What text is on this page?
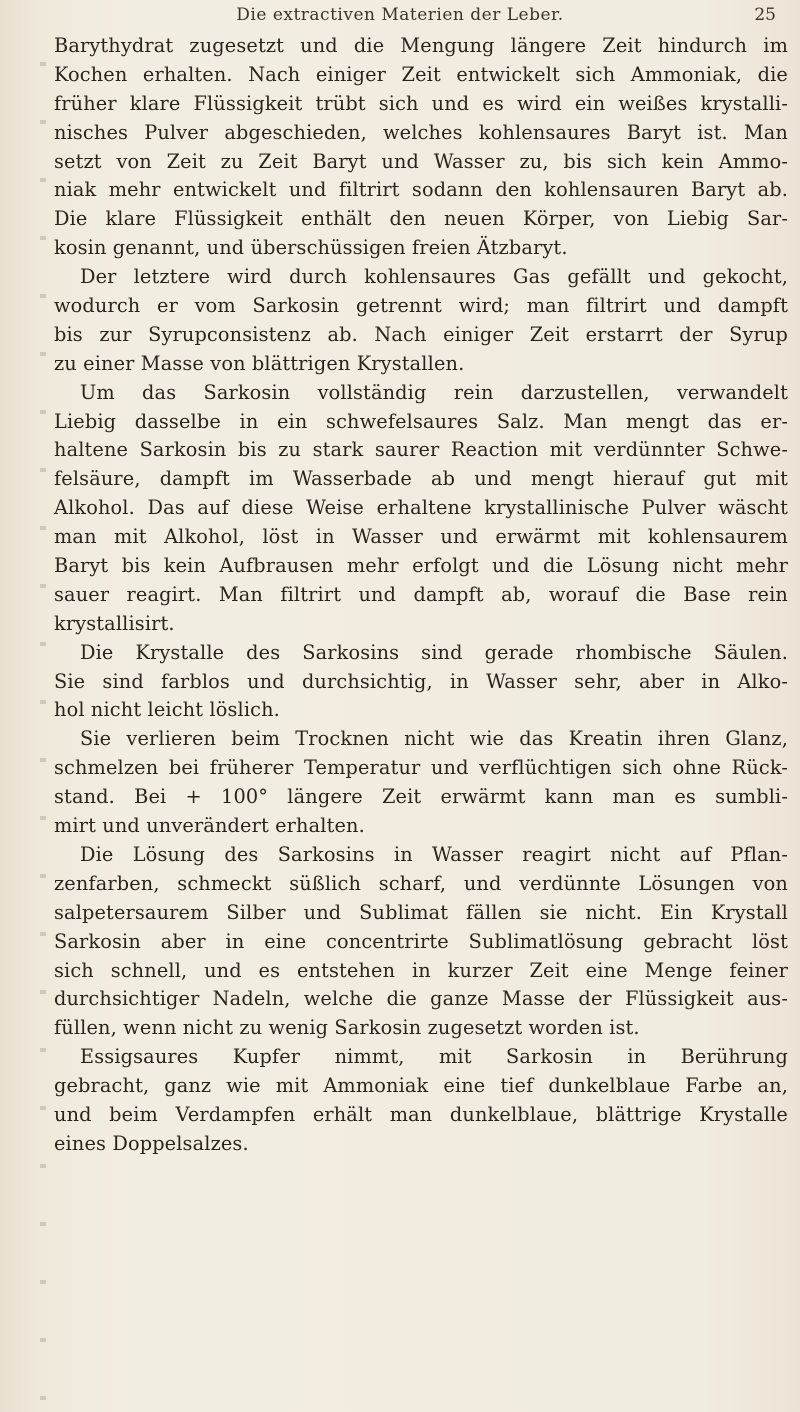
Die extractiven Materien der Leber.	25
Barythydrat zugesetzt und die Mengung längere Zeit hindurch im
Kochen erhalten. Nach einiger Zeit entwickelt sich Ammoniak, die
früher klare Flüssigkeit trübt sich und es wird ein weißes krystalli-
nisches Pulver abgeschieden, welches kohlensaures Baryt ist. Man
setzt von Zeit zu Zeit Baryt und Wasser zu, bis sich kein Ammo-
niak mehr entwickelt und filtrirt sodann den kohlensauren Baryt ab.
Die klare Flüssigkeit enthält den neuen Körper, von Liebig Sar-
kosin genannt, und überschüssigen freien Ätzbaryt.
Der letztere wird durch kohlensaures Gas gefällt und gekocht,
wodurch er vom Sarkosin getrennt wird; man filtrirt und dampft
bis zur Syrupconsistenz ab. Nach einiger Zeit erstarrt der Syrup
zu einer Masse von blättrigen Krystallen.
Um das Sarkosin vollständig rein darzustellen, verwandelt
Liebig dasselbe in ein schwefelsaures Salz. Man mengt das er-
haltene Sarkosin bis zu stark saurer Reaction mit verdünnter Schwe-
felsäure, dampft im Wasserbade ab und mengt hierauf gut mit
Alkohol. Das auf diese Weise erhaltene krystallinische Pulver wäscht
man mit Alkohol, löst in Wasser und erwärmt mit kohlensaurem
Baryt bis kein Aufbrausen mehr erfolgt und die Lösung nicht mehr
sauer reagirt. Man filtrirt und dampft ab, worauf die Base rein
krystallisirt.
Die Krystalle des Sarkosins sind gerade rhombische Säulen.
Sie sind farblos und durchsichtig, in Wasser sehr, aber in Alko-
hol nicht leicht löslich.
Sie verlieren beim Trocknen nicht wie das Kreatin ihren Glanz,
schmelzen bei früherer Temperatur und verflüchtigen sich ohne Rück-
stand. Bei + 100° längere Zeit erwärmt kann man es sumbli-
mirt und unverändert erhalten.
Die Lösung des Sarkosins in Wasser reagirt nicht auf Pflan-
zenfarben, schmeckt süßlich scharf, und verdünnte Lösungen von
salpetersaurem Silber und Sublimat fällen sie nicht. Ein Krystall
Sarkosin aber in eine concentrirte Sublimatlösung gebracht löst
sich schnell, und es entstehen in kurzer Zeit eine Menge feiner
durchsichtiger Nadeln, welche die ganze Masse der Flüssigkeit aus-
füllen, wenn nicht zu wenig Sarkosin zugesetzt worden ist.
Essigsaures Kupfer nimmt, mit Sarkosin in Berührung
gebracht, ganz wie mit Ammoniak eine tief dunkelblaue Farbe an,
und beim Verdampfen erhält man dunkelblaue, blättrige Krystalle
eines Doppelsalzes.
